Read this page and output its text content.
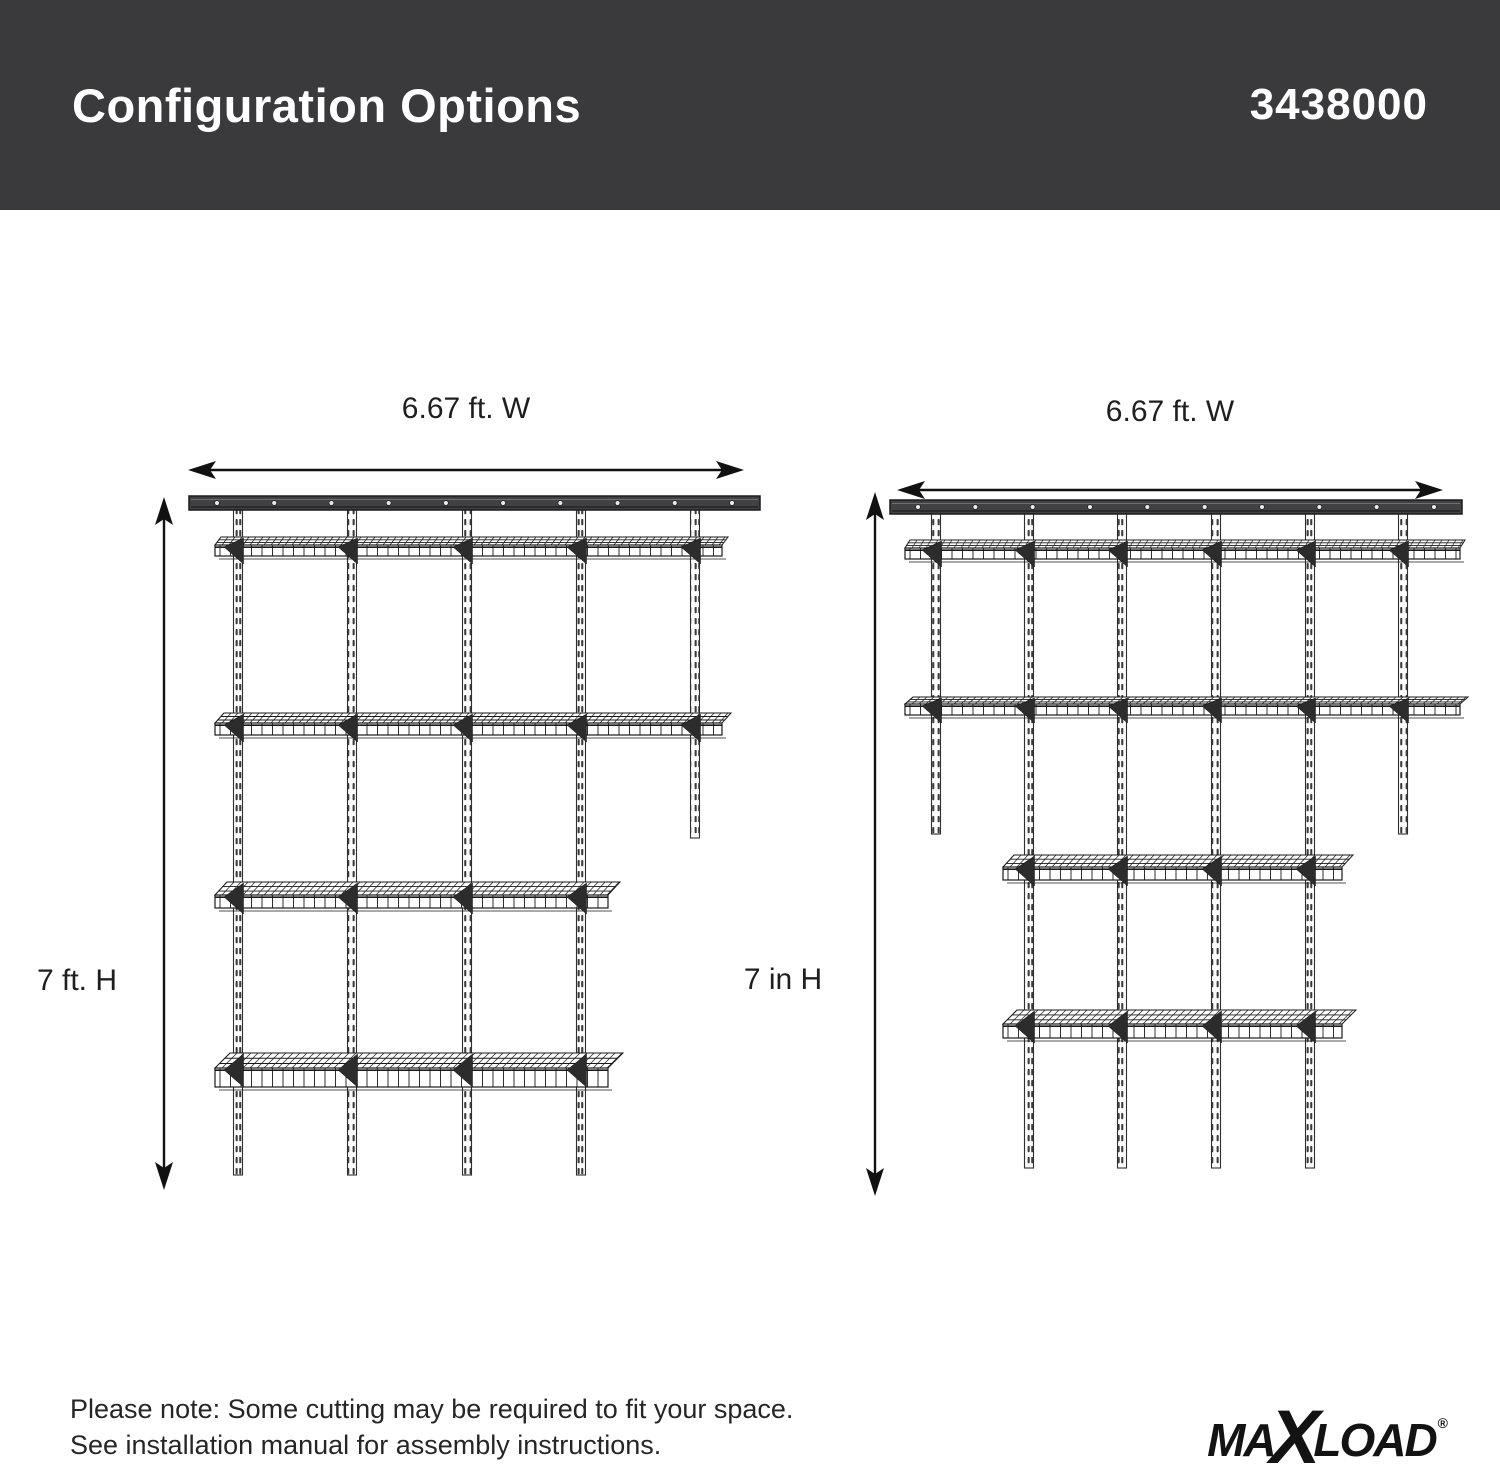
Configuration Options	3438000
6.67 ft. W	6.67 ft. W
7 ft. H	7 in H
Please note: Some cutting may be required to fit your space.
See installation manual for assembly instructions.	MA
X
LOAD ®
